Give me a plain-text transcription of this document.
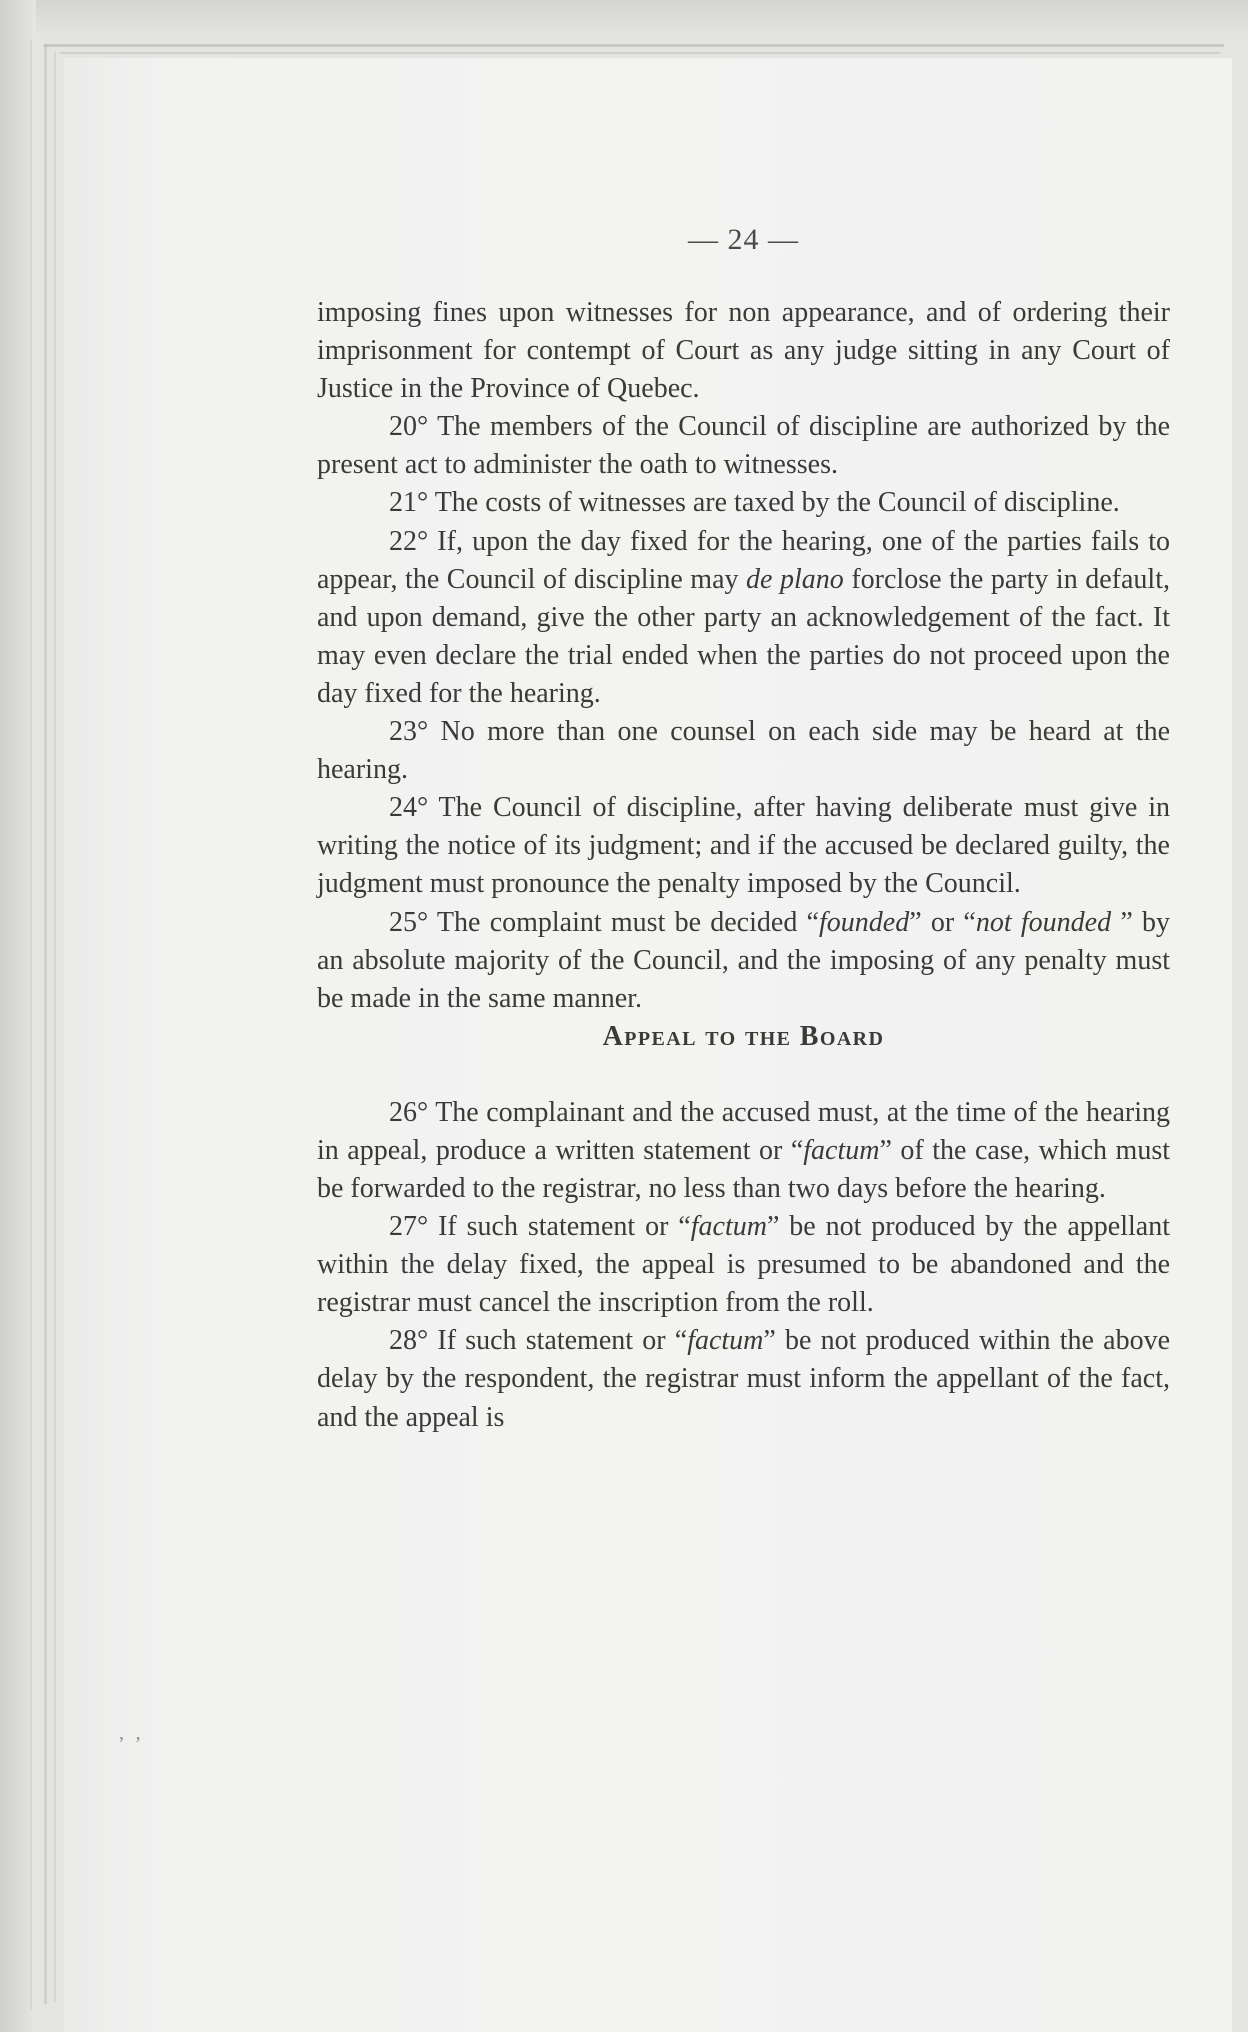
— 24 —

imposing fines upon witnesses for non appearance, and of ordering their imprisonment for contempt of Court as any judge sitting in any Court of Justice in the Province of Quebec.

20° The members of the Council of discipline are authorized by the present act to administer the oath to witnesses.

21° The costs of witnesses are taxed by the Council of discipline.

22° If, upon the day fixed for the hearing, one of the parties fails to appear, the Council of discipline may de plano forclose the party in default, and upon demand, give the other party an acknowledgement of the fact. It may even declare the trial ended when the parties do not proceed upon the day fixed for the hearing.

23° No more than one counsel on each side may be heard at the hearing.

24° The Council of discipline, after having deliberate must give in writing the notice of its judgment; and if the accused be declared guilty, the judgment must pronounce the penalty imposed by the Council.

25° The complaint must be decided “founded” or “not founded ” by an absolute majority of the Council, and the imposing of any penalty must be made in the same manner.

Appeal to the Board

26° The complainant and the accused must, at the time of the hearing in appeal, produce a written statement or “factum” of the case, which must be forwarded to the registrar, no less than two days before the hearing.

27° If such statement or “factum” be not produced by the appellant within the delay fixed, the appeal is presumed to be abandoned and the registrar must cancel the inscription from the roll.

28° If such statement or “factum” be not produced within the above delay by the respondent, the registrar must inform the appellant of the fact, and the appeal is

‚ ,
